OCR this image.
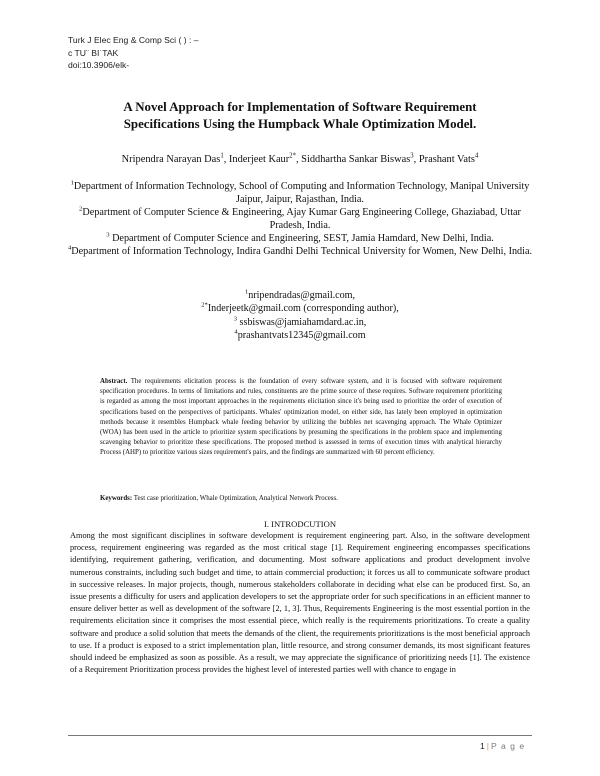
Turk J Elec Eng & Comp Sci ( ) : –
c TU¨ BI˙TAK
doi:10.3906/elk-
A Novel Approach for Implementation of Software Requirement
Specifications Using the Humpback Whale Optimization Model.
Nripendra Narayan Das$^1$, Inderjeet Kaur$^{2*}$, Siddhartha Sankar Biswas$^3$, Prashant Vats$^4$
$^1$Department of Information Technology, School of Computing and Information Technology, Manipal University Jaipur, Jaipur, Rajasthan, India.
$^2$Department of Computer Science & Engineering, Ajay Kumar Garg Engineering College, Ghaziabad, Uttar Pradesh, India.
$^3$ Department of Computer Science and Engineering, SEST, Jamia Hamdard, New Delhi, India.
$^4$Department of Information Technology, Indira Gandhi Delhi Technical University for Women, New Delhi, India.
$^1$nripendradas@gmail.com,
$^{2*}$Inderjeetk@gmail.com (corresponding author),
$^3$ ssbiswas@jamiahamdard.ac.in,
$^4$prashantvats12345@gmail.com
Abstract. The requirements elicitation process is the foundation of every software system, and it is focused with software requirement specification procedures. In terms of limitations and rules, constituents are the prime source of these requires. Software requirement prioritizing is regarded as among the most important approaches in the requirements elicitation since it's being used to prioritize the order of execution of specifications based on the perspectives of participants. Whales' optimization model, on either side, has lately been employed in optimization methods because it resembles Humpback whale feeding behavior by utilizing the bubbles net scavenging approach. The Whale Optimizer (WOA) has been used in the article to prioritize system specifications by presuming the specifications in the problem space and implementing scavenging behavior to prioritize these specifications. The proposed method is assessed in terms of execution times with analytical hierarchy Process (AHP) to prioritize various sizes requirement's pairs, and the findings are summarized with 60 percent efficiency.
Keywords: Test case prioritization, Whale Optimization, Analytical Network Process.
I. INTRODCUTION
Among the most significant disciplines in software development is requirement engineering part. Also, in the software development process, requirement engineering was regarded as the most critical stage [1]. Requirement engineering encompasses specifications identifying, requirement gathering, verification, and documenting. Most software applications and product development involve numerous constraints, including such budget and time, to attain commercial production; it forces us all to communicate software product in successive releases. In major projects, though, numerous stakeholders collaborate in deciding what else can be produced first. So, an issue presents a difficulty for users and application developers to set the appropriate order for such specifications in an efficient manner to ensure deliver better as well as development of the software [2, 1, 3]. Thus, Requirements Engineering is the most essential portion in the requirements elicitation since it comprises the most essential piece, which really is the requirements prioritizations. To create a quality software and produce a solid solution that meets the demands of the client, the requirements prioritizations is the most beneficial approach to use. If a product is exposed to a strict implementation plan, little resource, and strong consumer demands, its most significant features should indeed be emphasized as soon as possible. As a result, we may appreciate the significance of prioritizing needs [1]. The existence of a Requirement Prioritization process provides the highest level of interested parties well with chance to engage in
1 | P a g e
